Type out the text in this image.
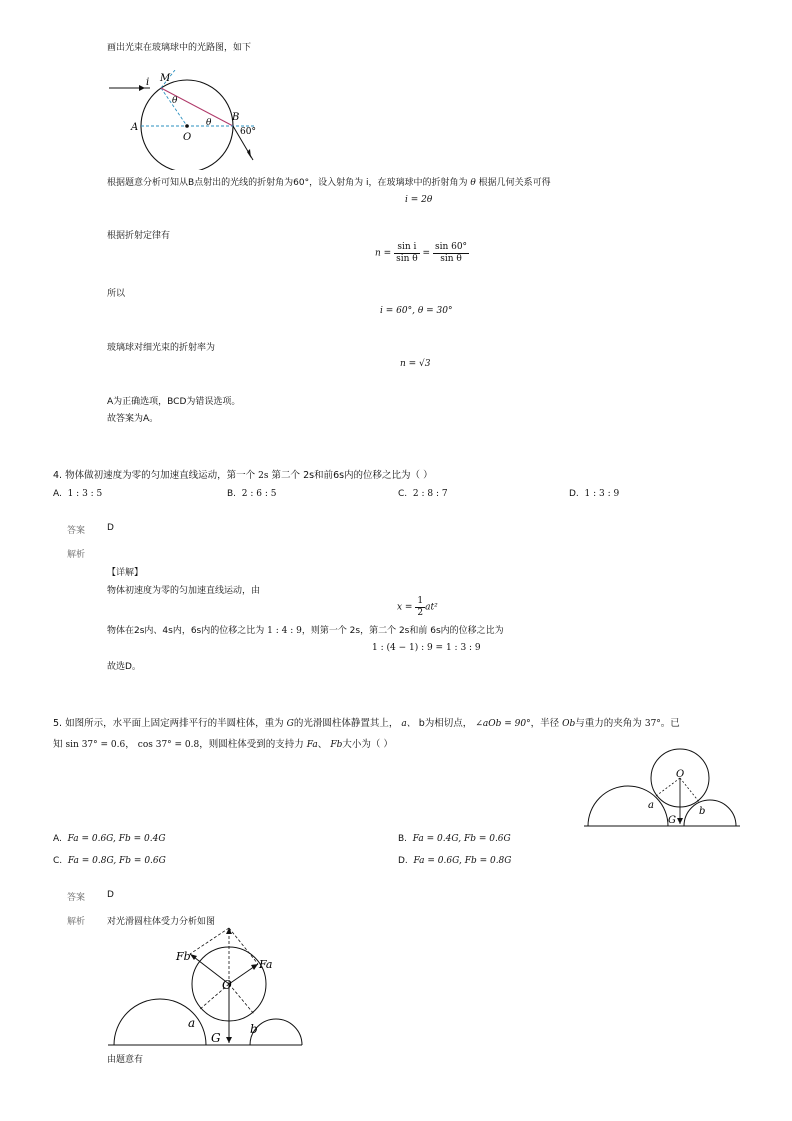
画出光束在玻璃球中的光路图，如下
i M
θ
A
O
θ B
60°
根据题意分析可知从B点射出的光线的折射角为60°，设入射角为 i，在玻璃球中的折射角为 θ 根据几何关系可得
i = 2θ
根据折射定律有
$n = \frac{\text{sin i}}{\text{sin θ}} = \frac{\sin 60^\circ}{\text{sin θ}}$
所以
i = 60°, θ = 30°
玻璃球对细光束的折射率为
n = √3
A为正确选项，BCD为错误选项。
故答案为A。
4. 物体做初速度为零的匀加速直线运动，第一个 2s 第二个 2s和前6s内的位移之比为（ ）
A. 1 : 3 : 5	B. 2 : 6 : 5	C. 2 : 8 : 7	D. 1 : 3 : 9
答案 D
解析
【详解】
物体初速度为零的匀加速直线运动，由
$x = \frac{1}{2} at^2$
物体在2s内、4s内，6s内的位移之比为 1 : 4 : 9，则第一个 2s，第二个 2s和前 6s内的位移之比为
1 : (4 − 1) : 9 = 1 : 3 : 9
故选D。
5. 如图所示，水平面上固定两排平行的半圆柱体，重为 G的光滑圆柱体静置其上， a、 b为相切点， ∠aOb = 90°，半径 Ob与重力的夹角为 37°。已
知 sin 37° = 0.6， cos 37° = 0.8，则圆柱体受到的支持力 Fa、 Fb大小为（ ）
O
a
G
b
A. Fa = 0.6G, Fb = 0.4G	B. Fa = 0.4G, Fb = 0.6G
C. Fa = 0.8G, Fb = 0.6G	D. Fa = 0.6G, Fb = 0.8G
答案 D
解析 对光滑圆柱体受力分析如图
Fb
Fa
O
a
G
b
由题意有
